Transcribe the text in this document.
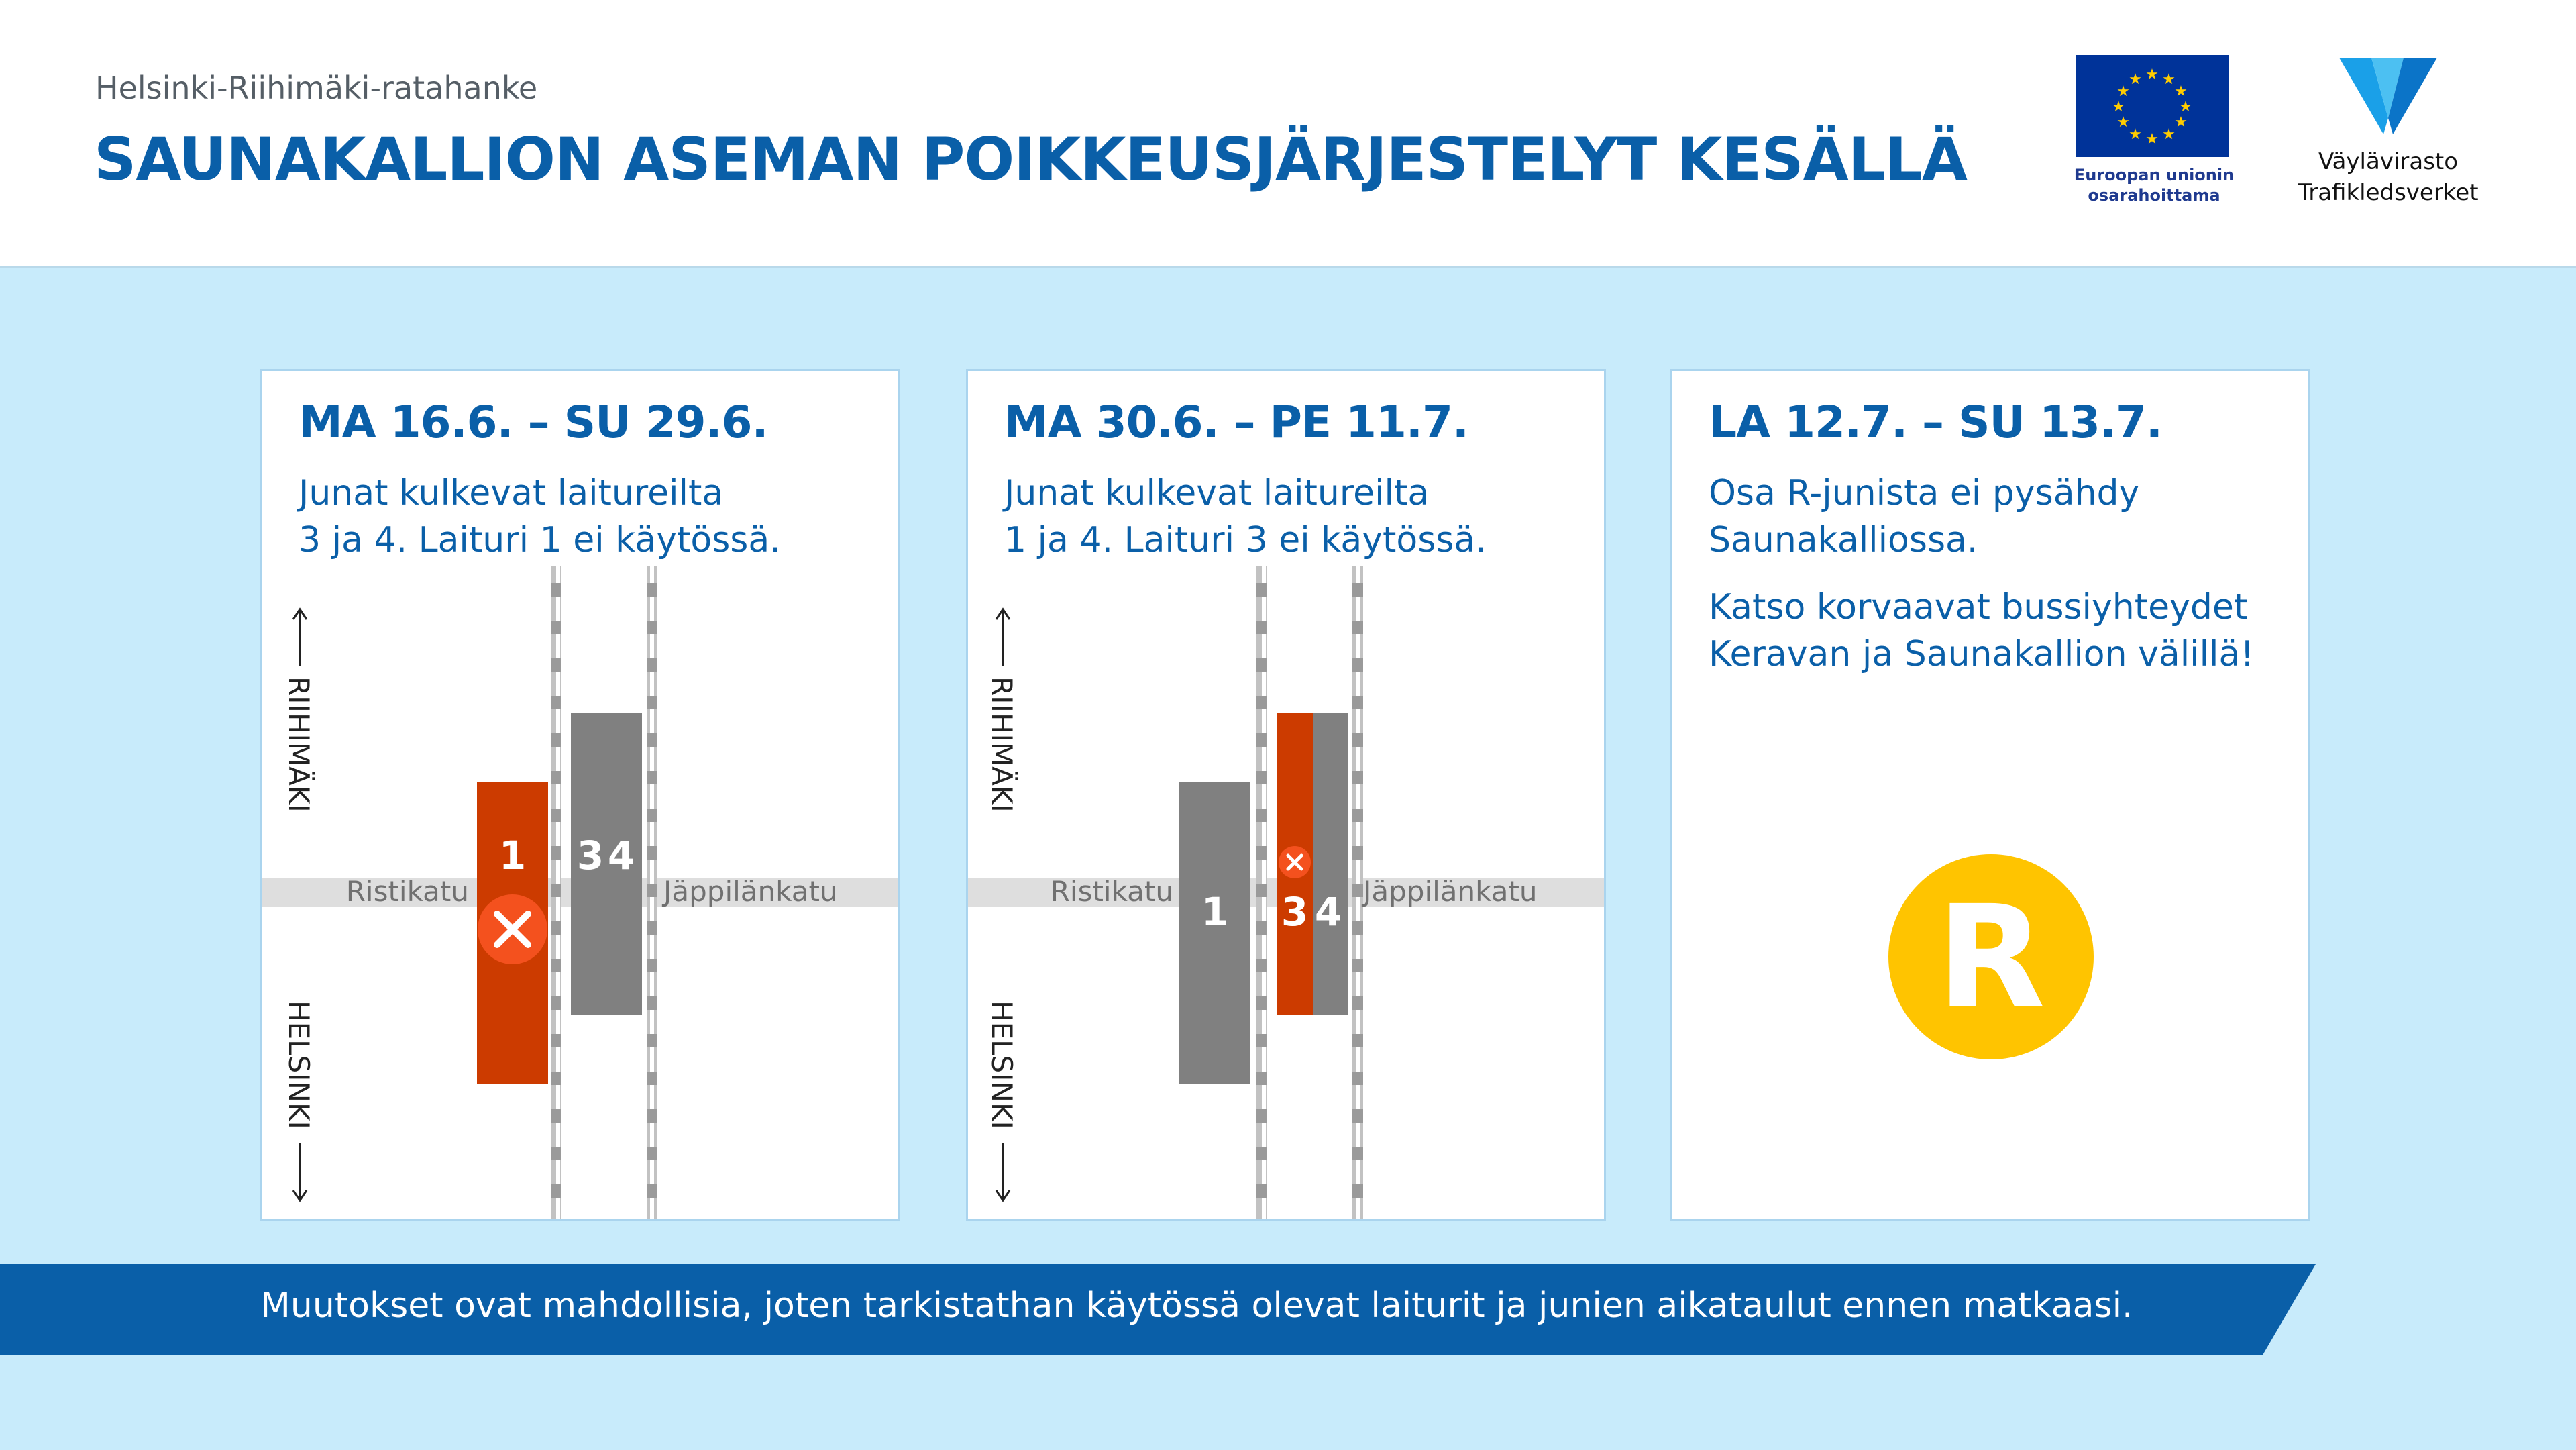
Helsinki-Riihimäki-ratahanke
SAUNAKALLION ASEMAN POIKKEUSJÄRJESTELYT KESÄLLÄ
★ ★
★
★
★
★
★
★
★
★
★
★
Euroopan unionin
osarahoittama
Väylävirasto
Trafikledsverket
1 3 4
Ristikatu	Jäppilänkatu
RIIHIMÄKI
HELSINKI
MA 16.6. – SU 29.6.
Junat kulkevat laitureilta
3 ja 4. Laituri 1 ei käytössä.
1 3 4
Ristikatu	Jäppilänkatu
RIIHIMÄKI
HELSINKI
MA 30.6. – PE 11.7.
Junat kulkevat laitureilta
1 ja 4. Laituri 3 ei käytössä.
LA 12.7. – SU 13.7.
Osa R-junista ei pysähdy
Saunakalliossa.
Katso korvaavat bussiyhteydet
Keravan ja Saunakallion välillä!
R
Muutokset ovat mahdollisia, joten tarkistathan käytössä olevat laiturit ja junien aikataulut ennen matkaasi.
